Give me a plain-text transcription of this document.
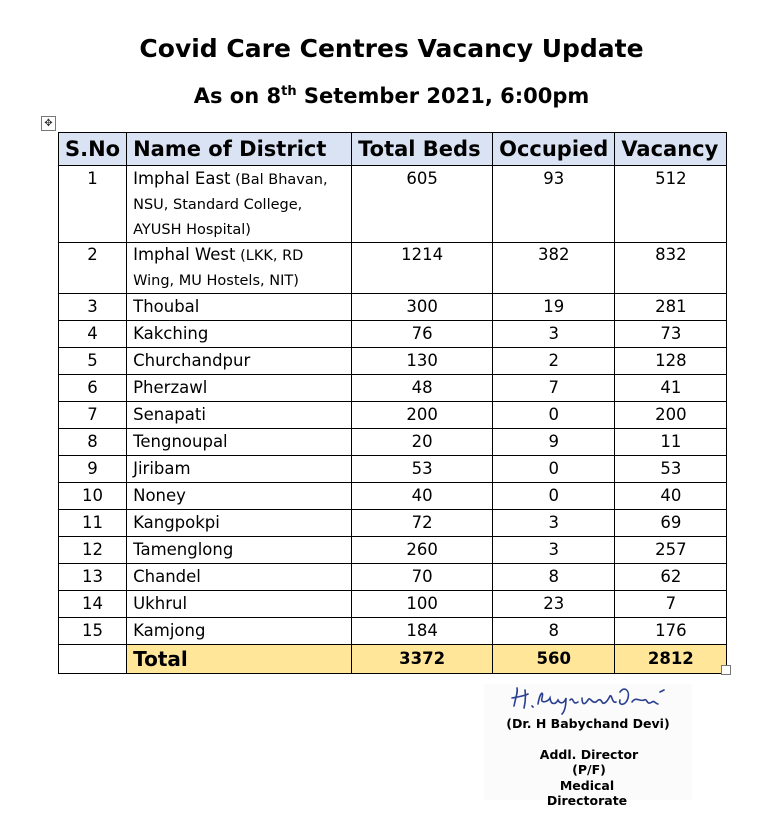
Covid Care Centres Vacancy Update
As on 8th Setember 2021, 6:00pm
✥
S.No	Name of District	Total Beds	Occupied	Vacancy
1	Imphal East (Bal Bhavan, NSU, Standard College, AYUSH Hospital)	605	93	512
2	Imphal West (LKK, RD Wing, MU Hostels, NIT)	1214	382	832
3	Thoubal	300	19	281
4	Kakching	76	3	73
5	Churchandpur	130	2	128
6	Pherzawl	48	7	41
7	Senapati	200	0	200
8	Tengnoupal	20	9	11
9	Jiribam	53	0	53
10	Noney	40	0	40
11	Kangpokpi	72	3	69
12	Tamenglong	260	3	257
13	Chandel	70	8	62
14	Ukhrul	100	23	7
15	Kamjong	184	8	176
	Total	3372	560	2812
(Dr. H Babychand Devi)
Addl. Director (P/F)
Medical Directorate
